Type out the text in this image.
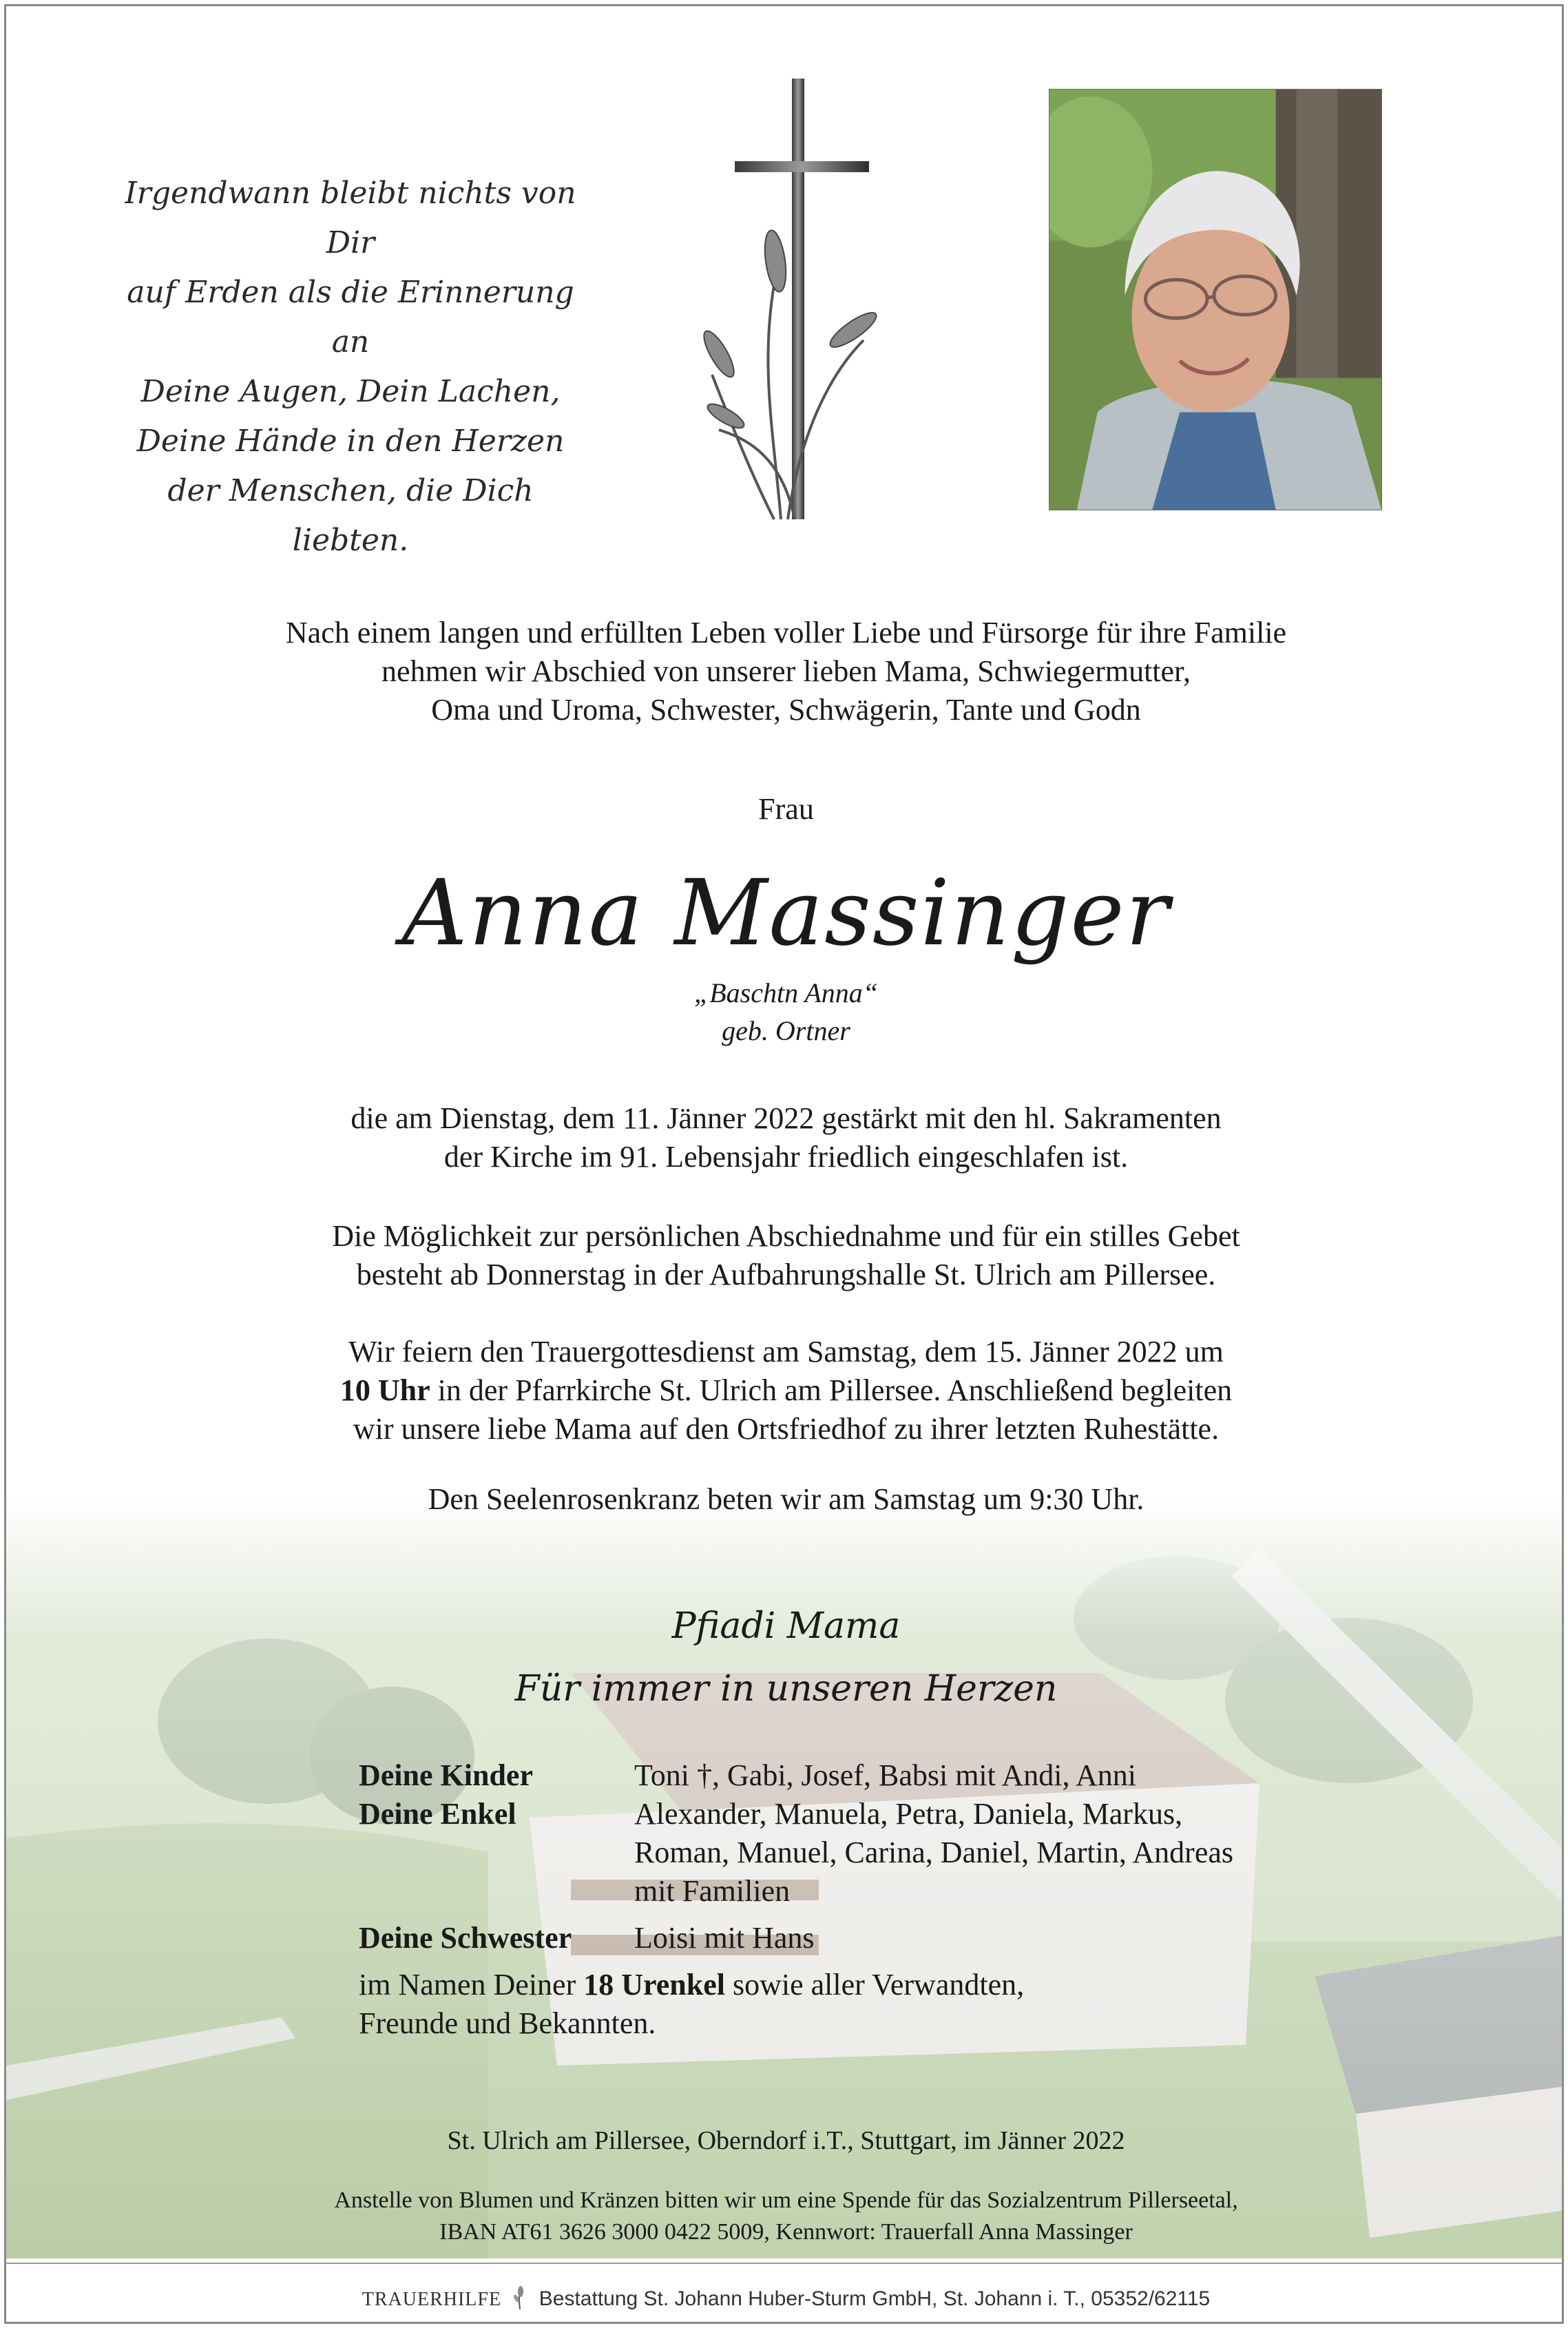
Irgendwann bleibt nichts von Dir
auf Erden als die Erinnerung an
Deine Augen, Dein Lachen,
Deine Hände in den Herzen
der Menschen, die Dich liebten.
Nach einem langen und erfüllten Leben voller Liebe und Fürsorge für ihre Familie
nehmen wir Abschied von unserer lieben Mama, Schwiegermutter,
Oma und Uroma, Schwester, Schwägerin, Tante und Godn
Frau
Anna Massinger
„Baschtn Anna“
geb. Ortner
die am Dienstag, dem 11. Jänner 2022 gestärkt mit den hl. Sakramenten
der Kirche im 91. Lebensjahr friedlich eingeschlafen ist.
Die Möglichkeit zur persönlichen Abschiednahme und für ein stilles Gebet
besteht ab Donnerstag in der Aufbahrungshalle St. Ulrich am Pillersee.
Wir feiern den Trauergottesdienst am Samstag, dem 15. Jänner 2022 um
10 Uhr in der Pfarrkirche St. Ulrich am Pillersee. Anschließend begleiten
wir unsere liebe Mama auf den Ortsfriedhof zu ihrer letzten Ruhestätte.
Den Seelenrosenkranz beten wir am Samstag um 9:30 Uhr.
Pfiadi Mama
Für immer in unseren Herzen
Deine Kinder	Toni †, Gabi, Josef, Babsi mit Andi, Anni
Deine Enkel	Alexander, Manuela, Petra, Daniela, Markus,
Roman, Manuel, Carina, Daniel, Martin, Andreas
mit Familien
Deine Schwester Loisi mit Hans
im Namen Deiner 18 Urenkel sowie aller Verwandten,
Freunde und Bekannten.
St. Ulrich am Pillersee, Oberndorf i.T., Stuttgart, im Jänner 2022
Anstelle von Blumen und Kränzen bitten wir um eine Spende für das Sozialzentrum Pillerseetal,
IBAN AT61 3626 3000 0422 5009, Kennwort: Trauerfall Anna Massinger
TRAUERHILFE Bestattung St. Johann Huber-Sturm GmbH, St. Johann i. T., 05352/62115
